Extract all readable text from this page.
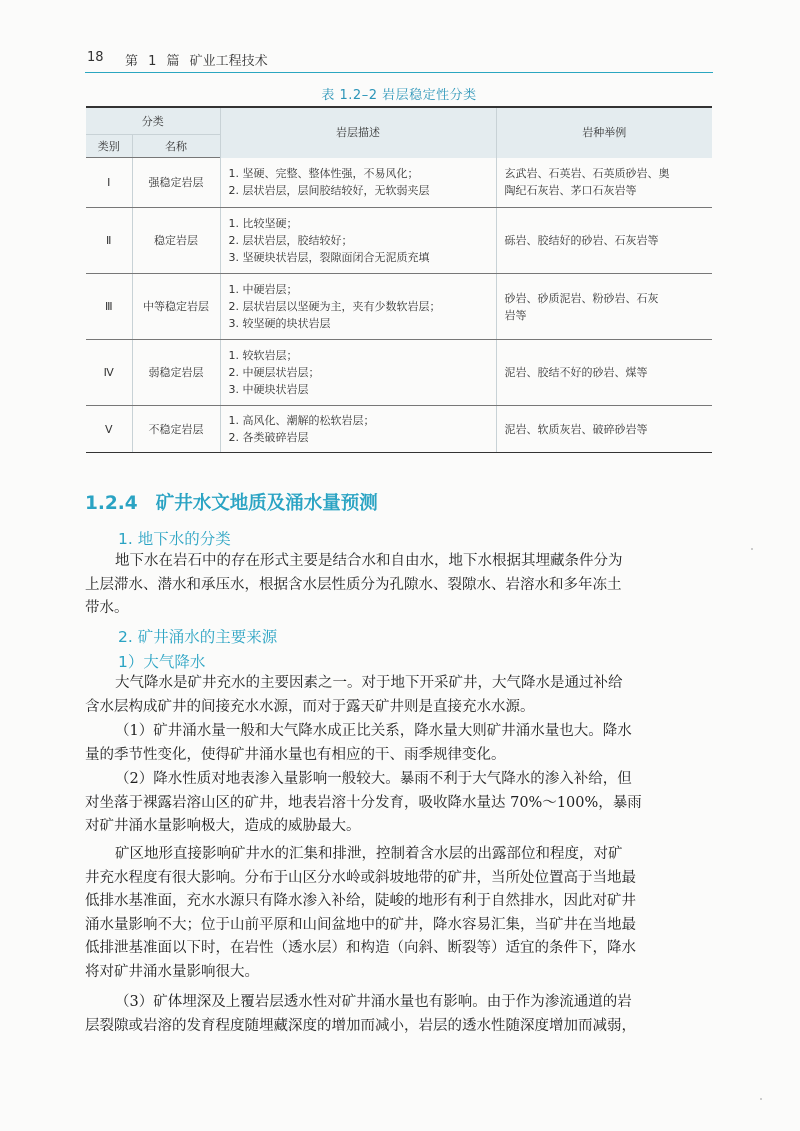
18 第 1 篇 矿业工程技术
表 1.2–2 岩层稳定性分类
分类		岩层描述	岩种举例
类别	名称		
Ⅰ	强稳定岩层	1. 坚硬、完整、整体性强，不易风化；
2. 层状岩层，层间胶结较好，无软弱夹层	玄武岩、石英岩、石英质砂岩、奥
陶纪石灰岩、茅口石灰岩等

Ⅱ	稳定岩层	1. 比较坚硬；
2. 层状岩层，胶结较好；
3. 坚硬块状岩层，裂隙面闭合无泥质充填	砾岩、胶结好的砂岩、石灰岩等

Ⅲ	中等稳定岩层	1. 中硬岩层；
2. 层状岩层以坚硬为主，夹有少数软岩层；
3. 较坚硬的块状岩层	砂岩、砂质泥岩、粉砂岩、石灰
岩等

Ⅳ	弱稳定岩层	1. 较软岩层；
2. 中硬层状岩层；
3. 中硬块状岩层	泥岩、胶结不好的砂岩、煤等

Ⅴ	不稳定岩层	1. 高风化、潮解的松软岩层；
2. 各类破碎岩层	泥岩、软质灰岩、破碎砂岩等
1.2.4 矿井水文地质及涌水量预测
1. 地下水的分类
地下水在岩石中的存在形式主要是结合水和自由水，地下水根据其埋藏条件分为
上层滞水、潜水和承压水，根据含水层性质分为孔隙水、裂隙水、岩溶水和多年冻土
带水。
2. 矿井涌水的主要来源
1）大气降水
大气降水是矿井充水的主要因素之一。对于地下开采矿井，大气降水是通过补给
含水层构成矿井的间接充水水源，而对于露天矿井则是直接充水水源。
（1）矿井涌水量一般和大气降水成正比关系，降水量大则矿井涌水量也大。降水
量的季节性变化，使得矿井涌水量也有相应的干、雨季规律变化。
（2）降水性质对地表渗入量影响一般较大。暴雨不利于大气降水的渗入补给，但
对坐落于裸露岩溶山区的矿井，地表岩溶十分发育，吸收降水量达 70%～100%，暴雨
对矿井涌水量影响极大，造成的威胁最大。
矿区地形直接影响矿井水的汇集和排泄，控制着含水层的出露部位和程度，对矿
井充水程度有很大影响。分布于山区分水岭或斜坡地带的矿井，当所处位置高于当地最
低排水基准面，充水水源只有降水渗入补给，陡峻的地形有利于自然排水，因此对矿井
涌水量影响不大；位于山前平原和山间盆地中的矿井，降水容易汇集，当矿井在当地最
低排泄基准面以下时，在岩性（透水层）和构造（向斜、断裂等）适宜的条件下，降水
将对矿井涌水量影响很大。
（3）矿体埋深及上覆岩层透水性对矿井涌水量也有影响。由于作为渗流通道的岩
层裂隙或岩溶的发育程度随埋藏深度的增加而减小，岩层的透水性随深度增加而减弱，
